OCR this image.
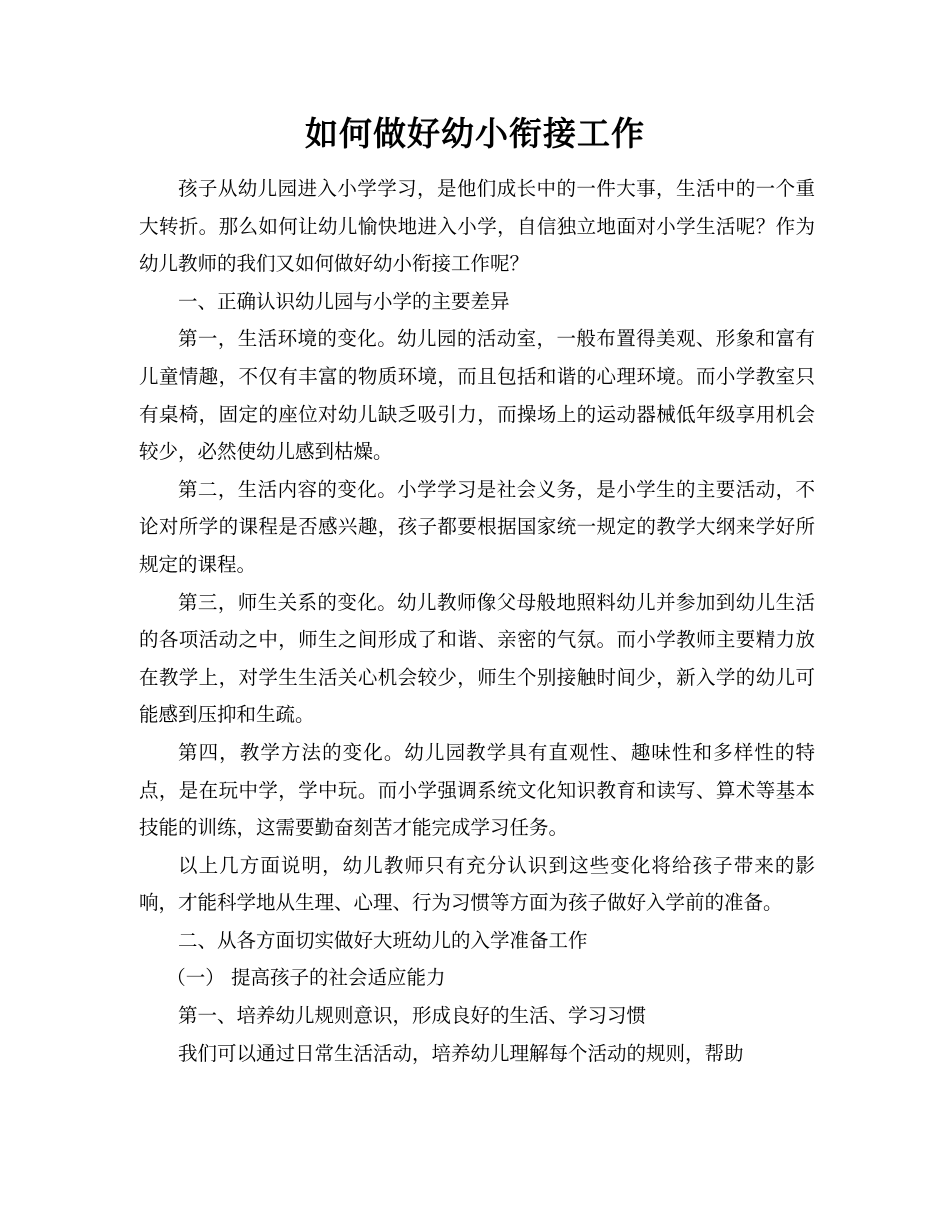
如何做好幼小衔接工作

孩子从幼儿园进入小学学习，是他们成长中的一件大事，生活中的一个重大转折。那么如何让幼儿愉快地进入小学，自信独立地面对小学生活呢？作为幼儿教师的我们又如何做好幼小衔接工作呢？

一、正确认识幼儿园与小学的主要差异

第一，生活环境的变化。幼儿园的活动室，一般布置得美观、形象和富有儿童情趣，不仅有丰富的物质环境，而且包括和谐的心理环境。而小学教室只有桌椅，固定的座位对幼儿缺乏吸引力，而操场上的运动器械低年级享用机会较少，必然使幼儿感到枯燥。

第二，生活内容的变化。小学学习是社会义务，是小学生的主要活动，不论对所学的课程是否感兴趣，孩子都要根据国家统一规定的教学大纲来学好所规定的课程。

第三，师生关系的变化。幼儿教师像父母般地照料幼儿并参加到幼儿生活的各项活动之中，师生之间形成了和谐、亲密的气氛。而小学教师主要精力放在教学上，对学生生活关心机会较少，师生个别接触时间少，新入学的幼儿可能感到压抑和生疏。

第四，教学方法的变化。幼儿园教学具有直观性、趣味性和多样性的特点，是在玩中学，学中玩。而小学强调系统文化知识教育和读写、算术等基本技能的训练，这需要勤奋刻苦才能完成学习任务。

以上几方面说明，幼儿教师只有充分认识到这些变化将给孩子带来的影响，才能科学地从生理、心理、行为习惯等方面为孩子做好入学前的准备。

二、从各方面切实做好大班幼儿的入学准备工作

（一） 提高孩子的社会适应能力

第一、培养幼儿规则意识，形成良好的生活、学习习惯

我们可以通过日常生活活动，培养幼儿理解每个活动的规则，帮助
